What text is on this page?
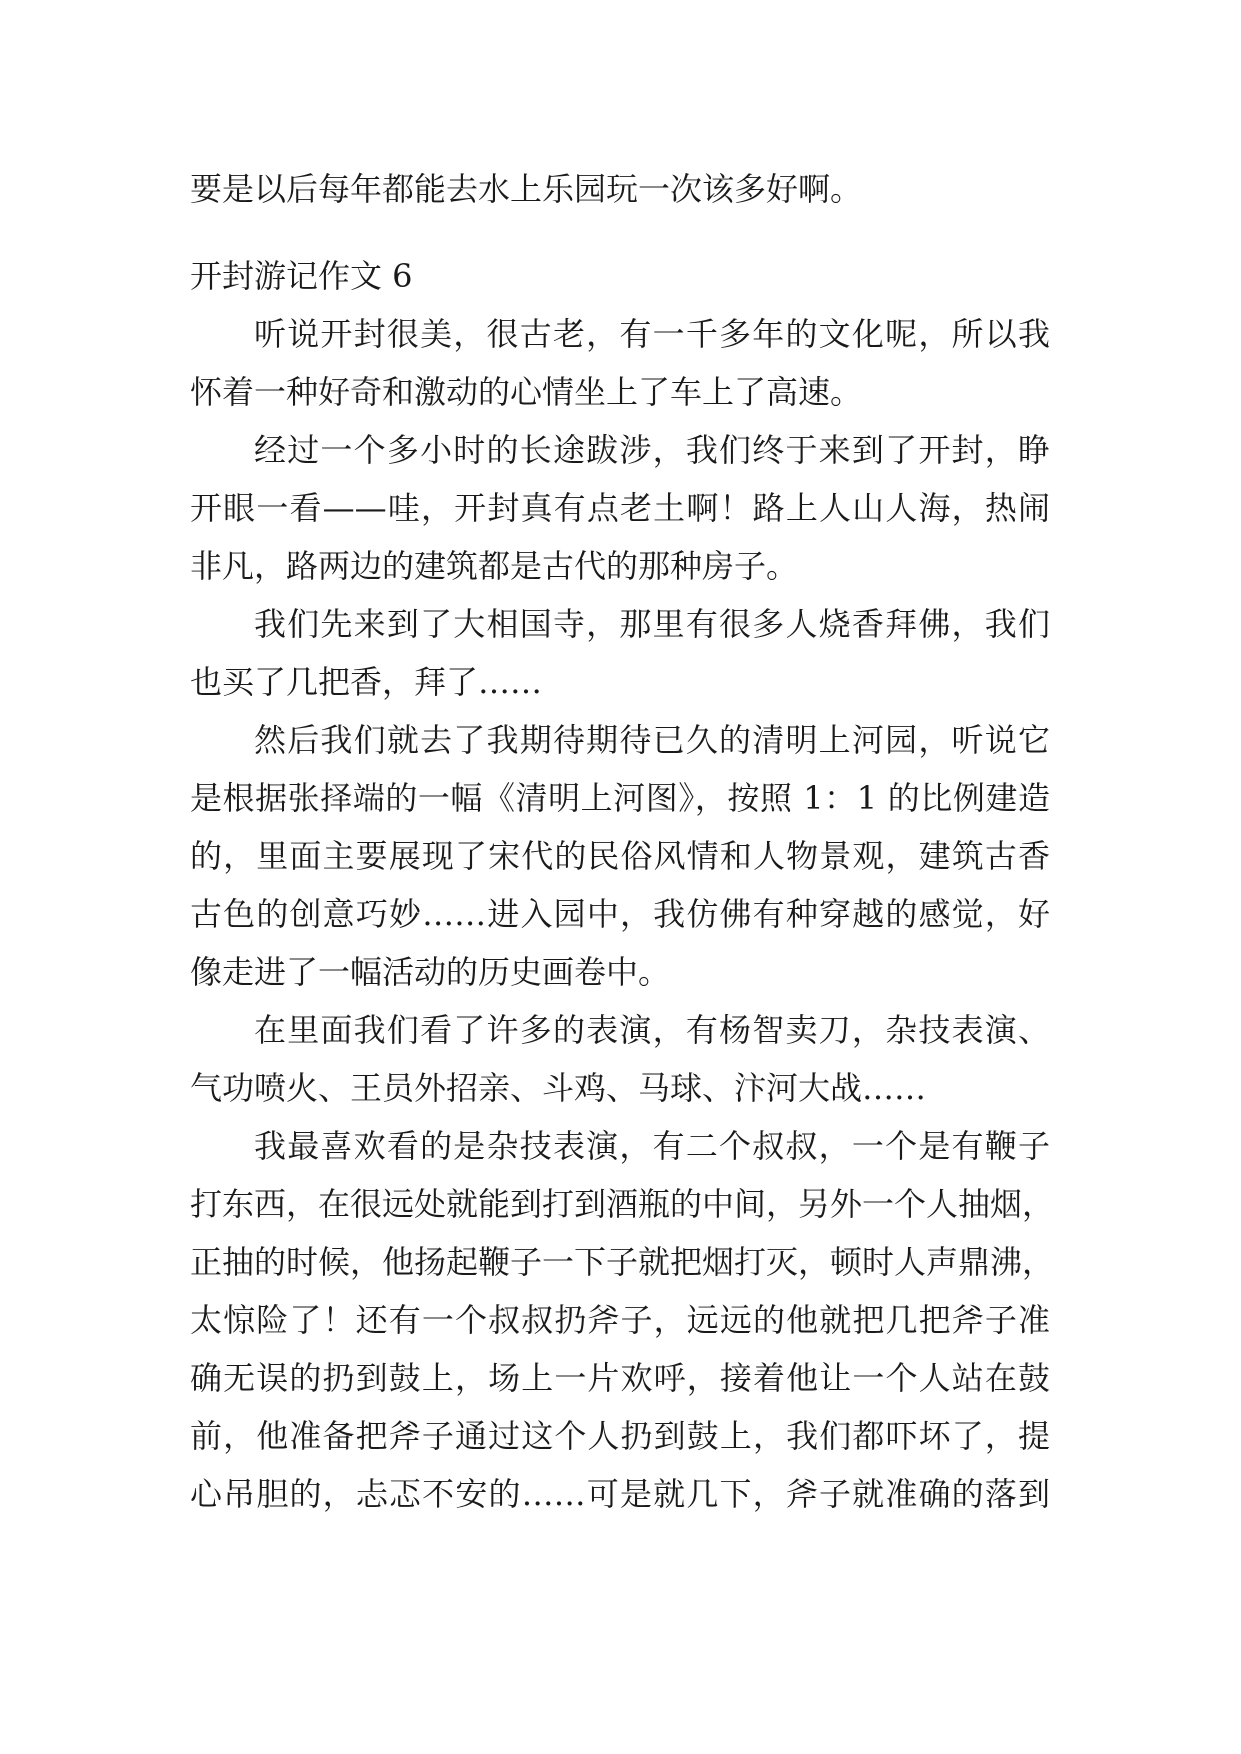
要是以后每年都能去水上乐园玩一次该多好啊。
开封游记作文 6
听说开封很美，很古老，有一千多年的文化呢，所以我
怀着一种好奇和激动的心情坐上了车上了高速。
经过一个多小时的长途跋涉，我们终于来到了开封，睁
开眼一看——哇，开封真有点老土啊！路上人山人海，热闹
非凡，路两边的建筑都是古代的那种房子。
我们先来到了大相国寺，那里有很多人烧香拜佛，我们
也买了几把香，拜了……
然后我们就去了我期待期待已久的清明上河园，听说它
是根据张择端的一幅《清明上河图》，按照 1：1 的比例建造
的，里面主要展现了宋代的民俗风情和人物景观，建筑古香
古色的创意巧妙……进入园中，我仿佛有种穿越的感觉，好
像走进了一幅活动的历史画卷中。
在里面我们看了许多的表演，有杨智卖刀，杂技表演、
气功喷火、王员外招亲、斗鸡、马球、汴河大战……
我最喜欢看的是杂技表演，有二个叔叔，一个是有鞭子
打东西，在很远处就能到打到酒瓶的中间，另外一个人抽烟，
正抽的时候，他扬起鞭子一下子就把烟打灭，顿时人声鼎沸，
太惊险了！还有一个叔叔扔斧子，远远的他就把几把斧子准
确无误的扔到鼓上，场上一片欢呼，接着他让一个人站在鼓
前，他准备把斧子通过这个人扔到鼓上，我们都吓坏了，提
心吊胆的，忐忑不安的……可是就几下，斧子就准确的落到
